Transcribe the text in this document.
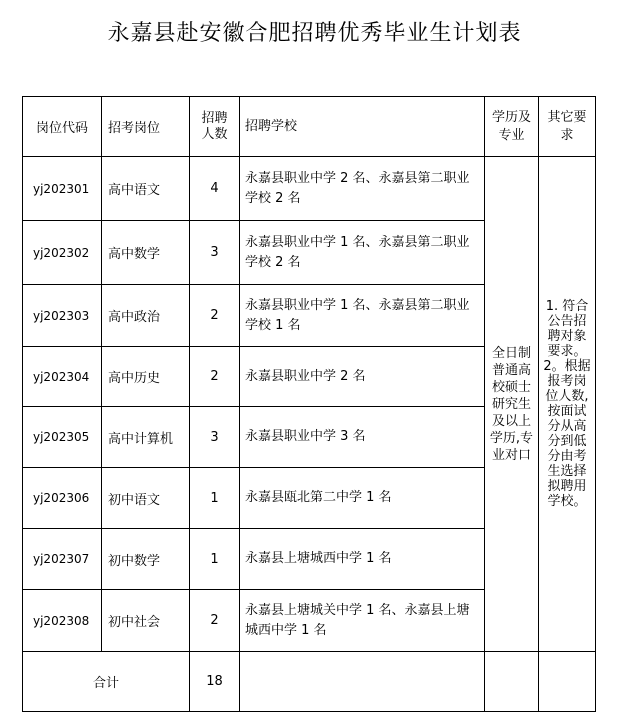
永嘉县赴安徽合肥招聘优秀毕业生计划表
岗位代码	招考岗位	招聘人数	招聘学校	学历及专业	其它要求
yj202301	高中语文	4	永嘉县职业中学 2 名、永嘉县第二职业学校 2 名	全日制普通高校硕士研究生及以上学历,专业对口	1. 符合公告招聘对象要求。2。根据报考岗位人数,按面试分从高分到低分由考生选择拟聘用学校。
yj202302	高中数学	3	永嘉县职业中学 1 名、永嘉县第二职业学校 2 名		
yj202303	高中政治	2	永嘉县职业中学 1 名、永嘉县第二职业学校 1 名		
yj202304	高中历史	2	永嘉县职业中学 2 名		
yj202305	高中计算机	3	永嘉县职业中学 3 名		
yj202306	初中语文	1	永嘉县瓯北第二中学 1 名		
yj202307	初中数学	1	永嘉县上塘城西中学 1 名		
yj202308	初中社会	2	永嘉县上塘城关中学 1 名、永嘉县上塘城西中学 1 名		
合计		18			
